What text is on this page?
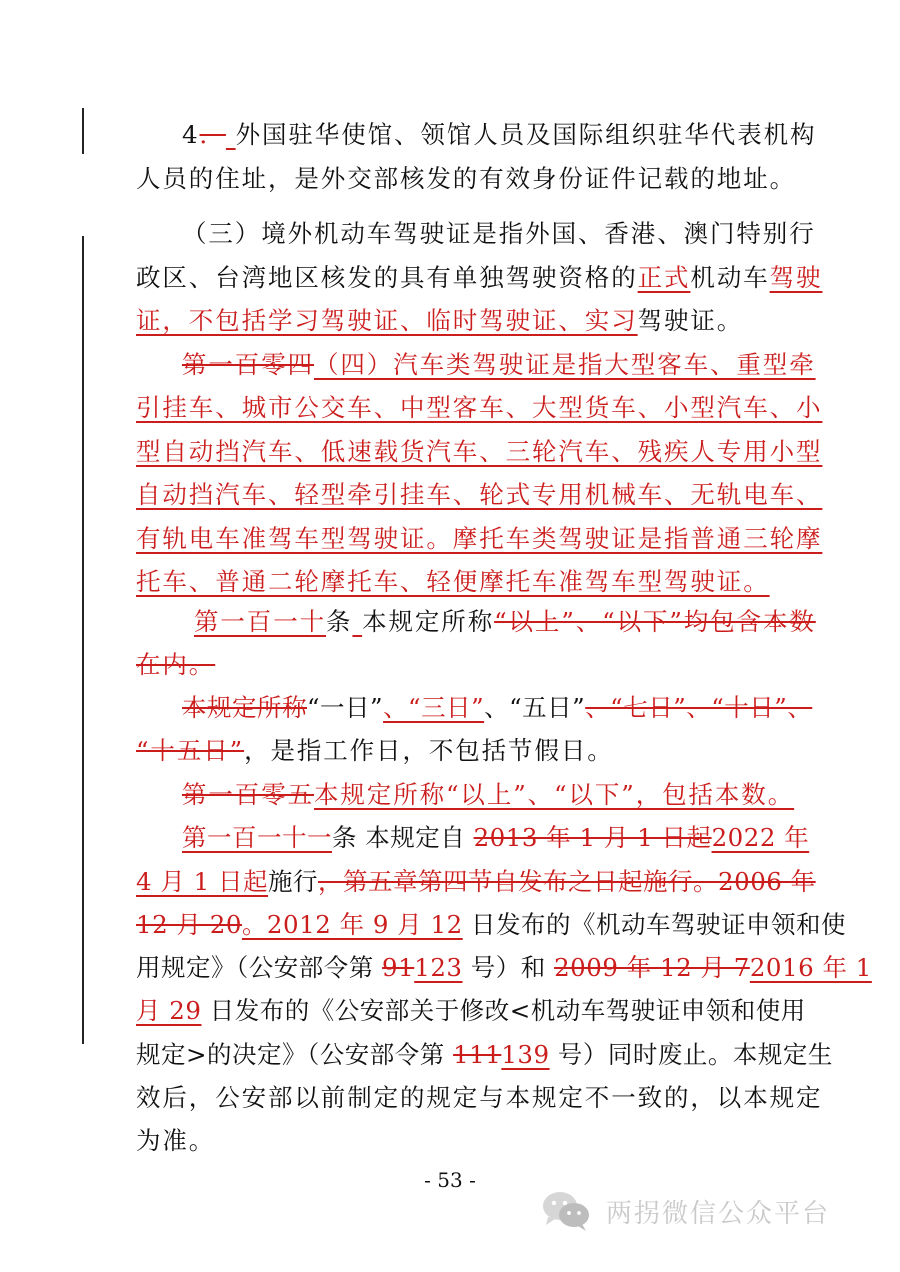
4． 外国驻华使馆、领馆人员及国际组织驻华代表机构
人员的住址，是外交部核发的有效身份证件记载的地址。
（三）境外机动车驾驶证是指外国、香港、澳门特别行
政区、台湾地区核发的具有单独驾驶资格的正式机动车驾驶
证，不包括学习驾驶证、临时驾驶证、实习驾驶证。
第一百零四（四）汽车类驾驶证是指大型客车、重型牵
引挂车、城市公交车、中型客车、大型货车、小型汽车、小
型自动挡汽车、低速载货汽车、三轮汽车、残疾人专用小型
自动挡汽车、轻型牵引挂车、轮式专用机械车、无轨电车、
有轨电车准驾车型驾驶证。摩托车类驾驶证是指普通三轮摩
托车、普通二轮摩托车、轻便摩托车准驾车型驾驶证。
第一百一十条 本规定所称“以上”、“以下”均包含本数
在内。
本规定所称“一日”、“三日”、“五日”、“七日”、“十日”、
“十五日”，是指工作日，不包括节假日。
第一百零五本规定所称“以上”、“以下”，包括本数。
第一百一十一条 本规定自 2013 年 1 月 1 日起2022 年
4 月 1 日起施行，第五章第四节自发布之日起施行。2006 年
12 月 20。2012 年 9 月 12 日发布的《机动车驾驶证申领和使
用规定》（公安部令第 91123 号）和 2009 年 12 月 72016 年 1
月 29 日发布的《公安部关于修改<机动车驾驶证申领和使用
规定>的决定》（公安部令第 111139 号）同时废止。本规定生
效后，公安部以前制定的规定与本规定不一致的，以本规定
为准。
- 53 -
两拐微信公众平台
